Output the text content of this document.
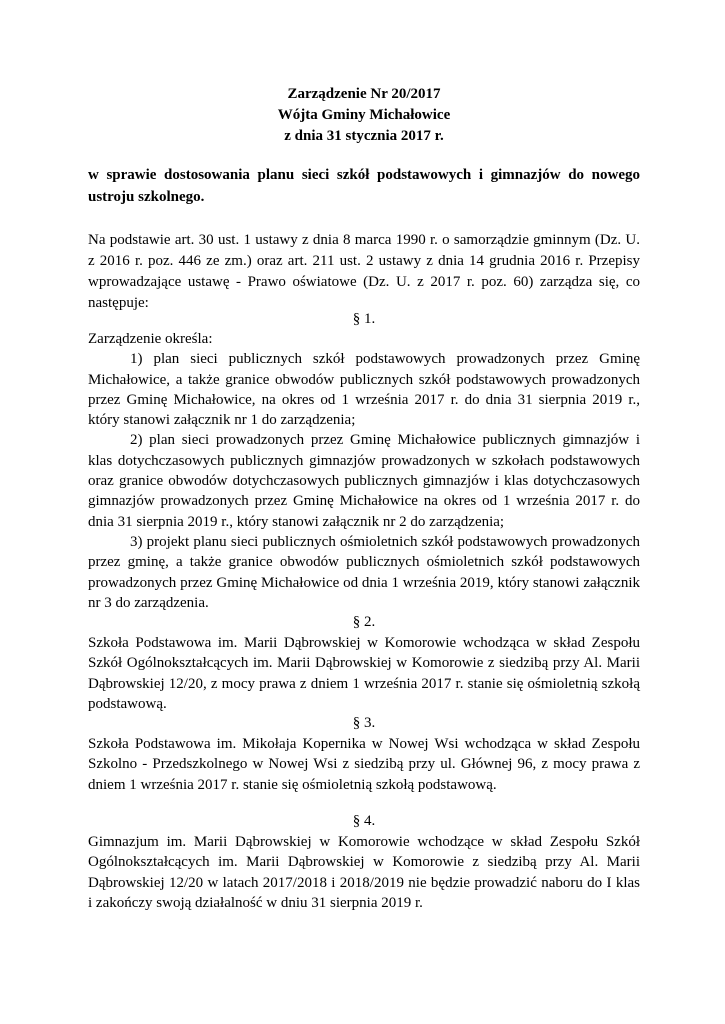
Zarządzenie Nr 20/2017

Wójta Gminy Michałowice

z dnia 31 stycznia 2017 r.

w sprawie dostosowania planu sieci szkół podstawowych i gimnazjów do nowego ustroju szkolnego.

Na podstawie art. 30 ust. 1 ustawy z dnia 8 marca 1990 r. o samorządzie gminnym (Dz. U. z 2016 r. poz. 446 ze zm.) oraz art. 211 ust. 2 ustawy z dnia 14 grudnia 2016 r. Przepisy wprowadzające ustawę - Prawo oświatowe (Dz. U. z 2017 r. poz. 60) zarządza się, co następuje:

§ 1.

Zarządzenie określa:

1) plan sieci publicznych szkół podstawowych prowadzonych przez Gminę Michałowice, a także granice obwodów publicznych szkół podstawowych prowadzonych przez Gminę Michałowice, na okres od 1 września 2017 r. do dnia 31 sierpnia 2019 r., który stanowi załącznik nr 1 do zarządzenia;

2) plan sieci prowadzonych przez Gminę Michałowice publicznych gimnazjów i klas dotychczasowych publicznych gimnazjów prowadzonych w szkołach podstawowych oraz granice obwodów dotychczasowych publicznych gimnazjów i klas dotychczasowych gimnazjów prowadzonych przez Gminę Michałowice na okres od 1 września 2017 r. do dnia 31 sierpnia 2019 r., który stanowi załącznik nr 2 do zarządzenia;

3) projekt planu sieci publicznych ośmioletnich szkół podstawowych prowadzonych przez gminę, a także granice obwodów publicznych ośmioletnich szkół podstawowych prowadzonych przez Gminę Michałowice od dnia 1 września 2019, który stanowi załącznik nr 3 do zarządzenia.

§ 2.

Szkoła Podstawowa im. Marii Dąbrowskiej w Komorowie wchodząca w skład Zespołu Szkół Ogólnokształcących im. Marii Dąbrowskiej w Komorowie z siedzibą przy Al. Marii Dąbrowskiej 12/20, z mocy prawa z dniem 1 września 2017 r. stanie się ośmioletnią szkołą podstawową.

§ 3.

Szkoła Podstawowa im. Mikołaja Kopernika w Nowej Wsi wchodząca w skład Zespołu Szkolno - Przedszkolnego w Nowej Wsi z siedzibą przy ul. Głównej 96, z mocy prawa z dniem 1 września 2017 r. stanie się ośmioletnią szkołą podstawową.

§ 4.

Gimnazjum im. Marii Dąbrowskiej w Komorowie wchodzące w skład Zespołu Szkół Ogólnokształcących im. Marii Dąbrowskiej w Komorowie z siedzibą przy Al. Marii Dąbrowskiej 12/20 w latach 2017/2018 i 2018/2019 nie będzie prowadzić naboru do I klas i zakończy swoją działalność w dniu 31 sierpnia 2019 r.
